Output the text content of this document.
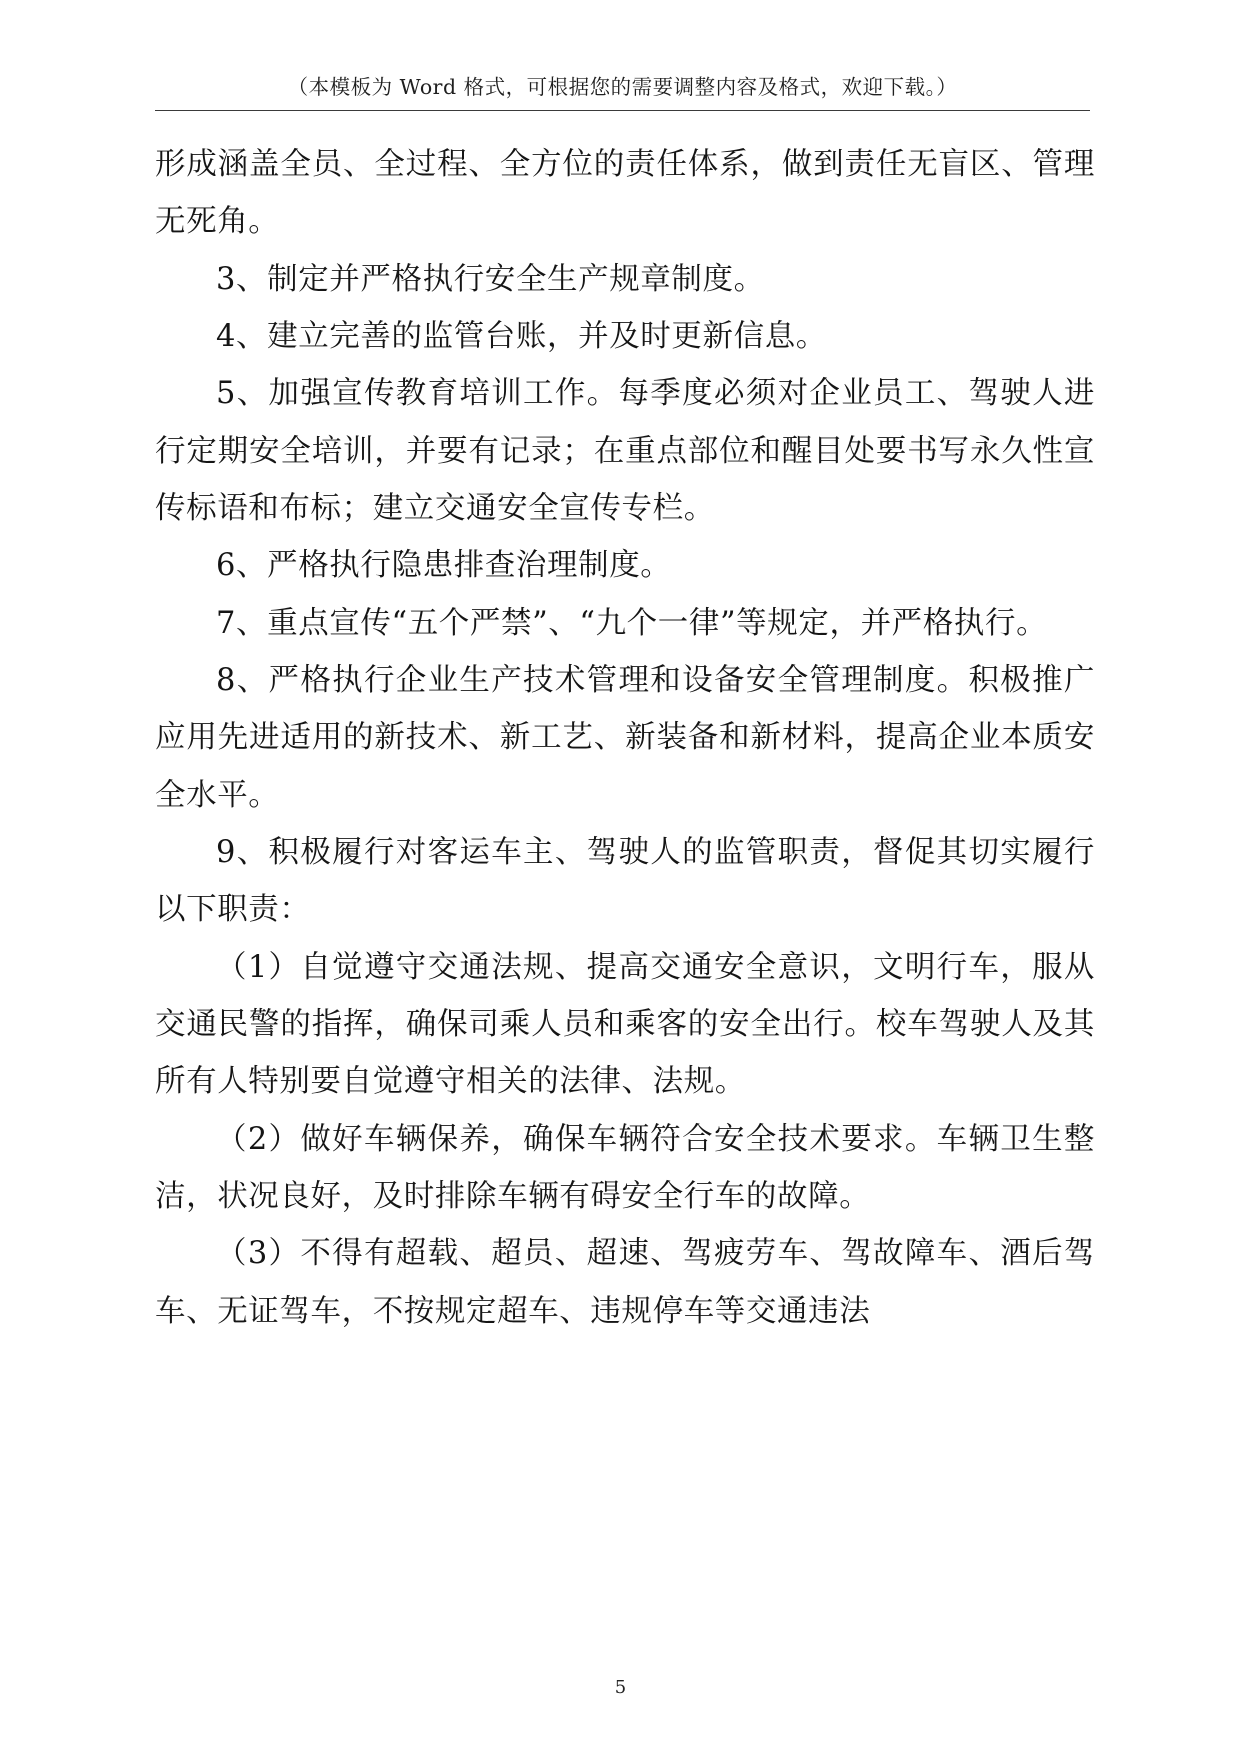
（本模板为 Word 格式，可根据您的需要调整内容及格式，欢迎下载。）

形成涵盖全员、全过程、全方位的责任体系，做到责任无盲区、管理无死角。

3、制定并严格执行安全生产规章制度。

4、建立完善的监管台账，并及时更新信息。

5、加强宣传教育培训工作。每季度必须对企业员工、驾驶人进行定期安全培训，并要有记录；在重点部位和醒目处要书写永久性宣传标语和布标；建立交通安全宣传专栏。

6、严格执行隐患排查治理制度。

7、重点宣传“五个严禁”、“九个一律”等规定，并严格执行。

8、严格执行企业生产技术管理和设备安全管理制度。积极推广应用先进适用的新技术、新工艺、新装备和新材料，提高企业本质安全水平。

9、积极履行对客运车主、驾驶人的监管职责，督促其切实履行以下职责：

（1）自觉遵守交通法规、提高交通安全意识，文明行车，服从交通民警的指挥，确保司乘人员和乘客的安全出行。校车驾驶人及其所有人特别要自觉遵守相关的法律、法规。

（2）做好车辆保养，确保车辆符合安全技术要求。车辆卫生整洁，状况良好，及时排除车辆有碍安全行车的故障。

（3）不得有超载、超员、超速、驾疲劳车、驾故障车、酒后驾车、无证驾车，不按规定超车、违规停车等交通违法

5
